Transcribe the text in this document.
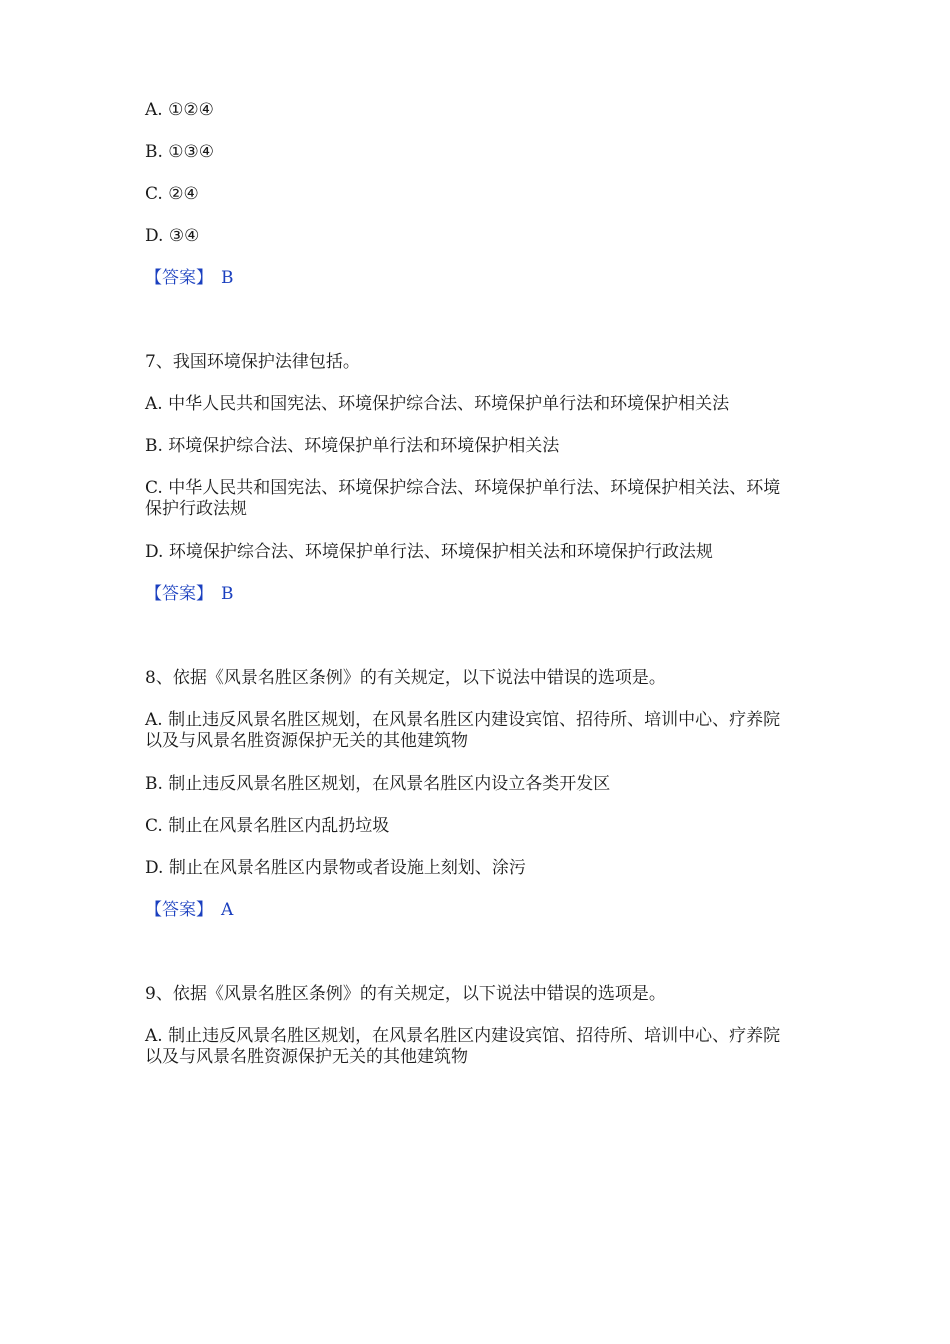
A. ①②④
B. ①③④
C. ②④
D. ③④
【答案】 B
7、我国环境保护法律包括。
A. 中华人民共和国宪法、环境保护综合法、环境保护单行法和环境保护相关法
B. 环境保护综合法、环境保护单行法和环境保护相关法
C. 中华人民共和国宪法、环境保护综合法、环境保护单行法、环境保护相关法、环境保护行政法规
D. 环境保护综合法、环境保护单行法、环境保护相关法和环境保护行政法规
【答案】 B
8、依据《风景名胜区条例》的有关规定，以下说法中错误的选项是。
A. 制止违反风景名胜区规划，在风景名胜区内建设宾馆、招待所、培训中心、疗养院以及与风景名胜资源保护无关的其他建筑物
B. 制止违反风景名胜区规划，在风景名胜区内设立各类开发区
C. 制止在风景名胜区内乱扔垃圾
D. 制止在风景名胜区内景物或者设施上刻划、涂污
【答案】 A
9、依据《风景名胜区条例》的有关规定，以下说法中错误的选项是。
A. 制止违反风景名胜区规划，在风景名胜区内建设宾馆、招待所、培训中心、疗养院以及与风景名胜资源保护无关的其他建筑物
